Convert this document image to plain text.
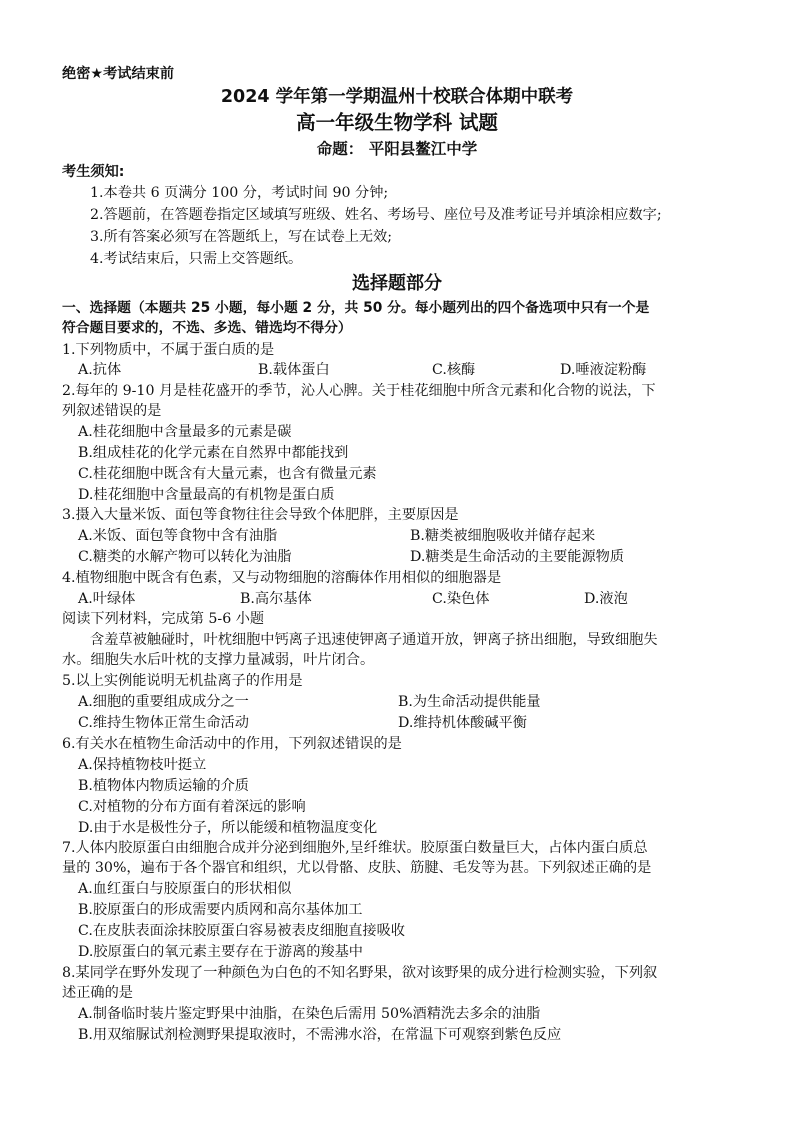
绝密★考试结束前
2024 学年第一学期温州十校联合体期中联考
高一年级生物学科 试题
命题： 平阳县鳌江中学
考生须知:
1.本卷共 6 页满分 100 分，考试时间 90 分钟;
2.答题前，在答题卷指定区域填写班级、姓名、考场号、座位号及准考证号并填涂相应数字;
3.所有答案必须写在答题纸上，写在试卷上无效;
4.考试结束后，只需上交答题纸。
选择题部分
一、选择题（本题共 25 小题，每小题 2 分，共 50 分。每小题列出的四个备选项中只有一个是
符合题目要求的，不选、多选、错选均不得分）
1.下列物质中，不属于蛋白质的是
A.抗体	B.载体蛋白	C.核酶	D.唾液淀粉酶
2.每年的 9-10 月是桂花盛开的季节，沁人心脾。关于桂花细胞中所含元素和化合物的说法，下
列叙述错误的是
A.桂花细胞中含量最多的元素是碳
B.组成桂花的化学元素在自然界中都能找到
C.桂花细胞中既含有大量元素，也含有微量元素
D.桂花细胞中含量最高的有机物是蛋白质
3.摄入大量米饭、面包等食物往往会导致个体肥胖，主要原因是
A.米饭、面包等食物中含有油脂	B.糖类被细胞吸收并储存起来
C.糖类的水解产物可以转化为油脂	D.糖类是生命活动的主要能源物质
4.植物细胞中既含有色素，又与动物细胞的溶酶体作用相似的细胞器是
A.叶绿体	B.高尔基体	C.染色体	D.液泡
阅读下列材料，完成第 5-6 小题
含羞草被触碰时，叶枕细胞中钙离子迅速使钾离子通道开放，钾离子挤出细胞，导致细胞失
水。细胞失水后叶枕的支撑力量减弱，叶片闭合。
5.以上实例能说明无机盐离子的作用是
A.细胞的重要组成成分之一	B.为生命活动提供能量
C.维持生物体正常生命活动	D.维持机体酸碱平衡
6.有关水在植物生命活动中的作用，下列叙述错误的是
A.保持植物枝叶挺立
B.植物体内物质运输的介质
C.对植物的分布方面有着深远的影响
D.由于水是极性分子，所以能缓和植物温度变化
7.人体内胶原蛋白由细胞合成并分泌到细胞外,呈纤维状。胶原蛋白数量巨大，占体内蛋白质总
量的 30%，遍布于各个器官和组织，尤以骨骼、皮肤、筋腱、毛发等为甚。下列叙述正确的是
A.血红蛋白与胶原蛋白的形状相似
B.胶原蛋白的形成需要内质网和高尔基体加工
C.在皮肤表面涂抹胶原蛋白容易被表皮细胞直接吸收
D.胶原蛋白的氧元素主要存在于游离的羧基中
8.某同学在野外发现了一种颜色为白色的不知名野果，欲对该野果的成分进行检测实验，下列叙
述正确的是
A.制备临时装片鉴定野果中油脂，在染色后需用 50%酒精洗去多余的油脂
B.用双缩脲试剂检测野果提取液时，不需沸水浴，在常温下可观察到紫色反应
